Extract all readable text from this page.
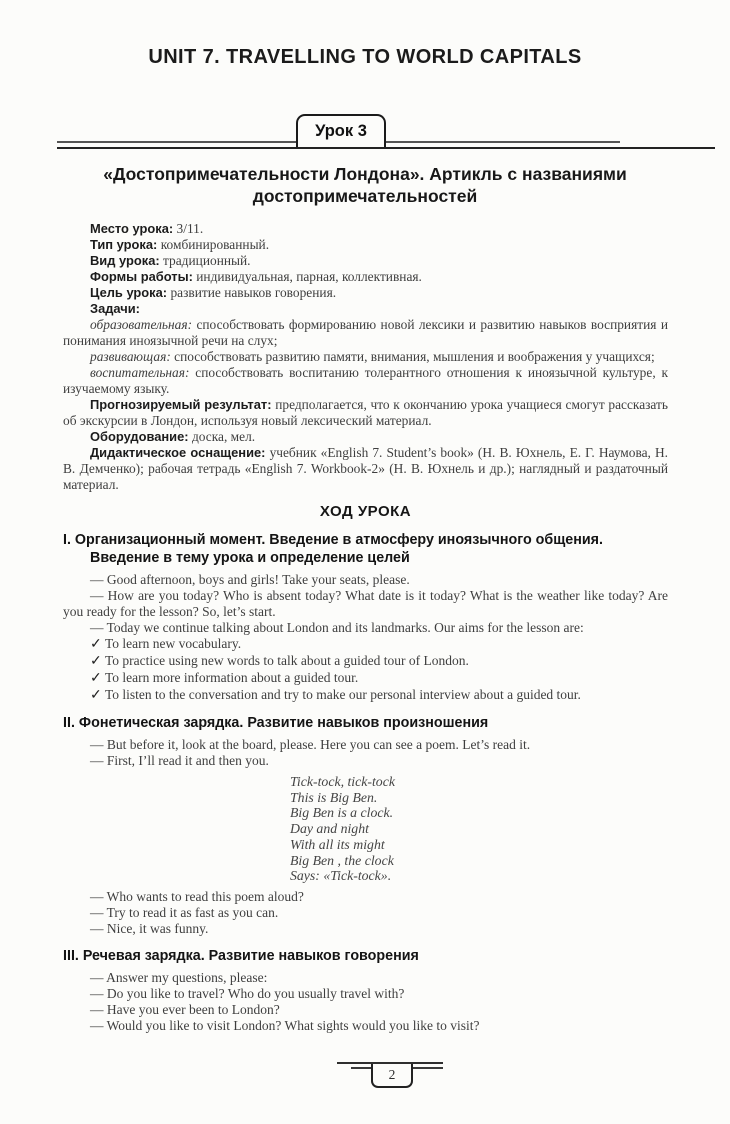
UNIT 7. TRAVELLING TO WORLD CAPITALS
Урок 3
«Достопримечательности Лондона». Артикль с названиями достопримечательностей

Место урока: 3/11.

Тип урока: комбинированный.

Вид урока: традиционный.

Формы работы: индивидуальная, парная, коллективная.

Цель урока: развитие навыков говорения.

Задачи:

образовательная: способствовать формированию новой лексики и развитию навыков восприятия и понимания иноязычной речи на слух;

развивающая: способствовать развитию памяти, внимания, мышления и воображения у учащихся;

воспитательная: способствовать воспитанию толерантного отношения к иноязычной культуре, к изучаемому языку.

Прогнозируемый результат: предполагается, что к окончанию урока учащиеся смогут рассказать об экскурсии в Лондон, используя новый лексический материал.

Оборудование: доска, мел.

Дидактическое оснащение: учебник «English 7. Student’s book» (Н. В. Юхнель, Е. Г. Наумова, Н. В. Демченко); рабочая тетрадь «English 7. Workbook-2» (Н. В. Юхнель и др.); наглядный и раздаточный материал.

ХОД УРОКА
I. Организационный момент. Введение в атмосферу иноязычного общения. Введение в тему урока и определение целей

— Good afternoon, boys and girls! Take your seats, please.

— How are you today? Who is absent today? What date is it today? What is the weather like today? Are you ready for the lesson? So, let’s start.

— Today we continue talking about London and its landmarks. Our aims for the lesson are:

✓ To learn new vocabulary.

✓ To practice using new words to talk about a guided tour of London.

✓ To learn more information about a guided tour.

✓ To listen to the conversation and try to make our personal interview about a guided tour.

II. Фонетическая зарядка. Развитие навыков произношения

— But before it, look at the board, please. Here you can see a poem. Let’s read it.

— First, I’ll read it and then you.

Tick-tock, tick-tock

This is Big Ben.

Big Ben is a clock.

Day and night

With all its might

Big Ben , the clock

Says: «Tick-tock».

— Who wants to read this poem aloud?

— Try to read it as fast as you can.

— Nice, it was funny.

III. Речевая зарядка. Развитие навыков говорения

— Answer my questions, please:

— Do you like to travel? Who do you usually travel with?

— Have you ever been to London?

— Would you like to visit London? What sights would you like to visit?

2
